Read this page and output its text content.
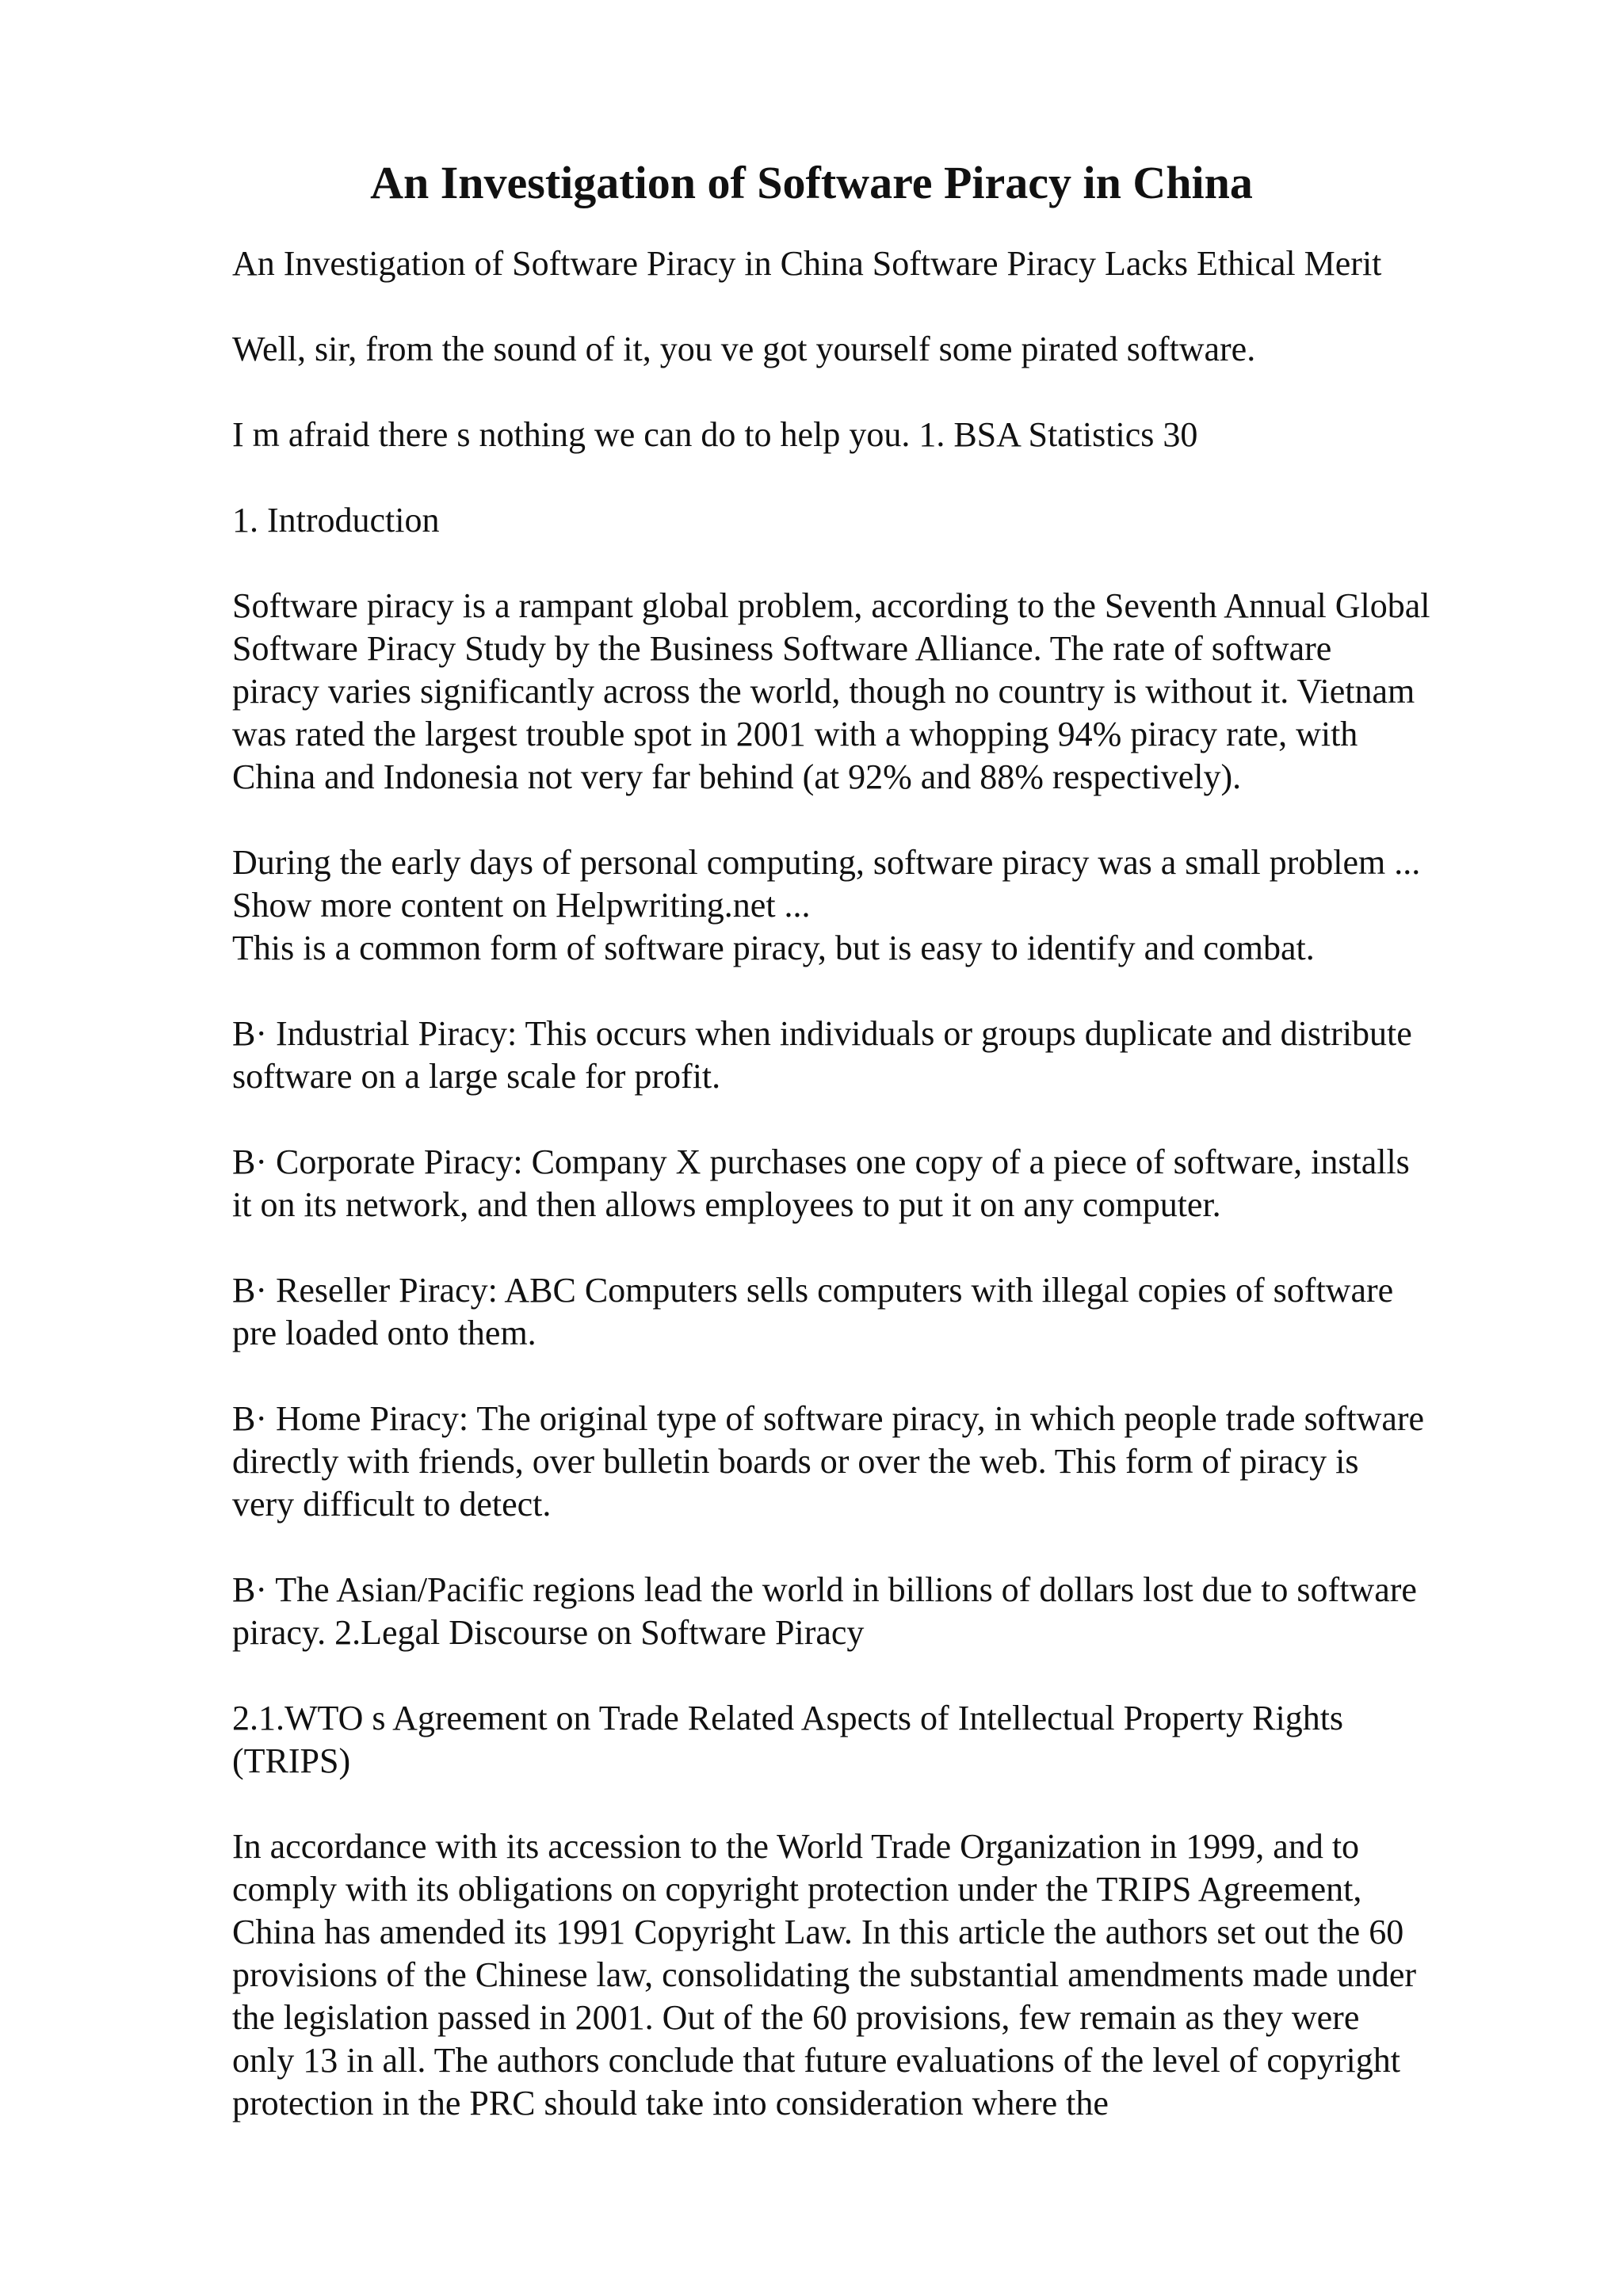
An Investigation of Software Piracy in China

An Investigation of Software Piracy in China Software Piracy Lacks Ethical Merit

Well, sir, from the sound of it, you ve got yourself some pirated software.

I m afraid there s nothing we can do to help you. 1. BSA Statistics 30

1. Introduction

Software piracy is a rampant global problem, according to the Seventh Annual Global
Software Piracy Study by the Business Software Alliance. The rate of software
piracy varies significantly across the world, though no country is without it. Vietnam
was rated the largest trouble spot in 2001 with a whopping 94% piracy rate, with
China and Indonesia not very far behind (at 92% and 88% respectively).

During the early days of personal computing, software piracy was a small problem ...
Show more content on Helpwriting.net ...
This is a common form of software piracy, but is easy to identify and combat.

B· Industrial Piracy: This occurs when individuals or groups duplicate and distribute
software on a large scale for profit.

B· Corporate Piracy: Company X purchases one copy of a piece of software, installs
it on its network, and then allows employees to put it on any computer.

B· Reseller Piracy: ABC Computers sells computers with illegal copies of software
pre loaded onto them.

B· Home Piracy: The original type of software piracy, in which people trade software
directly with friends, over bulletin boards or over the web. This form of piracy is
very difficult to detect.

B· The Asian/Pacific regions lead the world in billions of dollars lost due to software
piracy. 2.Legal Discourse on Software Piracy

2.1.WTO s Agreement on Trade Related Aspects of Intellectual Property Rights
(TRIPS)

In accordance with its accession to the World Trade Organization in 1999, and to
comply with its obligations on copyright protection under the TRIPS Agreement,
China has amended its 1991 Copyright Law. In this article the authors set out the 60
provisions of the Chinese law, consolidating the substantial amendments made under
the legislation passed in 2001. Out of the 60 provisions, few remain as they were
only 13 in all. The authors conclude that future evaluations of the level of copyright
protection in the PRC should take into consideration where the
